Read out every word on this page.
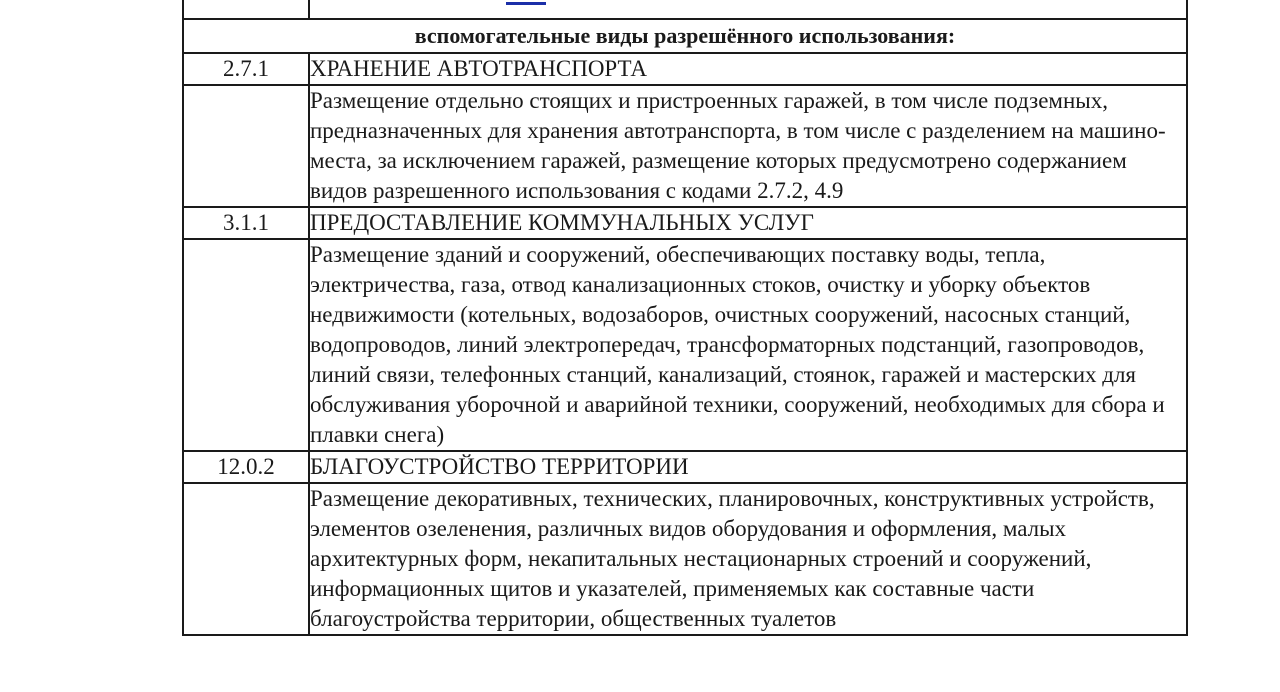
вспомогательные виды разрешённого использования:	
2.7.1	ХРАНЕНИЕ АВТОТРАНСПОРТА
	Размещение отдельно стоящих и пристроенных гаражей, в том числе подземных, предназначенных для хранения автотранспорта, в том числе с разделением на машино-места, за исключением гаражей, размещение которых предусмотрено содержанием видов разрешенного использования с кодами 2.7.2, 4.9
3.1.1	ПРЕДОСТАВЛЕНИЕ КОММУНАЛЬНЫХ УСЛУГ
	Размещение зданий и сооружений, обеспечивающих поставку воды, тепла, электричества, газа, отвод канализационных стоков, очистку и уборку объектов недвижимости (котельных, водозаборов, очистных сооружений, насосных станций, водопроводов, линий электропередач, трансформаторных подстанций, газопроводов, линий связи, телефонных станций, канализаций, стоянок, гаражей и мастерских для обслуживания уборочной и аварийной техники, сооружений, необходимых для сбора и плавки снега)
12.0.2	БЛАГОУСТРОЙСТВО ТЕРРИТОРИИ
	Размещение декоративных, технических, планировочных, конструктивных устройств, элементов озеленения, различных видов оборудования и оформления, малых архитектурных форм, некапитальных нестационарных строений и сооружений, информационных щитов и указателей, применяемых как составные части благоустройства территории, общественных туалетов
